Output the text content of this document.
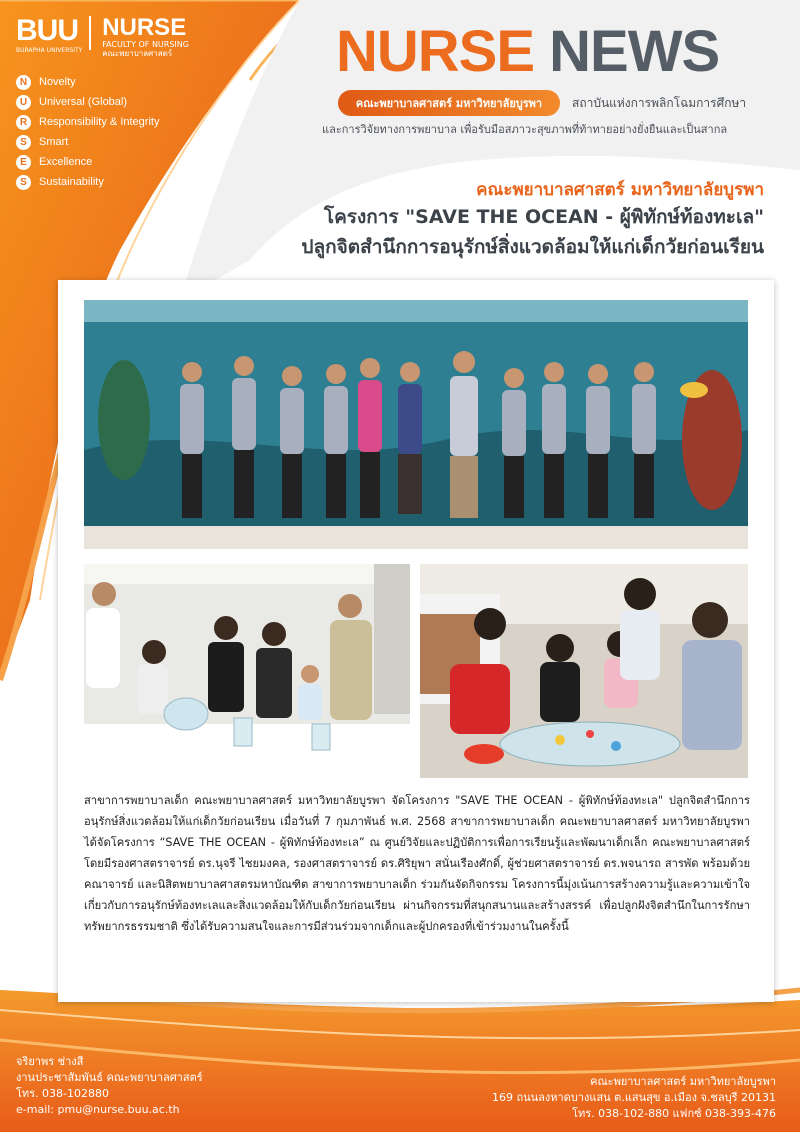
BUU NURSE
FACULTY OF NURSING
คณะพยาบาลศาสตร์
BURAPHA UNIVERSITY
N	Novelty
U	Universal (Global)
R	Responsibility & Integrity
S	Smart
E	Excellence
S	Sustainability
NURSE NEWS
คณะพยาบาลศาสตร์ มหาวิทยาลัยบูรพา	สถาบันแห่งการพลิกโฉมการศึกษา
และการวิจัยทางการพยาบาล เพื่อรับมือสภาวะสุขภาพที่ท้าทายอย่างยั่งยืนและเป็นสากล
คณะพยาบาลศาสตร์ มหาวิทยาลัยบูรพา
โครงการ "SAVE THE OCEAN - ผู้พิทักษ์ท้องทะเล"
ปลูกจิตสำนึกการอนุรักษ์สิ่งแวดล้อมให้แก่เด็กวัยก่อนเรียน
สาขาการพยาบาลเด็ก คณะพยาบาลศาสตร์ มหาวิทยาลัยบูรพา จัดโครงการ "SAVE THE OCEAN - ผู้พิทักษ์ท้องทะเล" ปลูกจิตสำนึกการอนุรักษ์สิ่งแวดล้อมให้แก่เด็กวัยก่อนเรียน เมื่อวันที่ 7 กุมภาพันธ์ พ.ศ. 2568 สาขาการพยาบาลเด็ก คณะพยาบาลศาสตร์ มหาวิทยาลัยบูรพา ได้จัดโครงการ “SAVE THE OCEAN - ผู้พิทักษ์ท้องทะเล” ณ ศูนย์วิจัยและปฏิบัติการเพื่อการเรียนรู้และพัฒนาเด็กเล็ก คณะพยาบาลศาสตร์ โดยมีรองศาสตราจารย์ ดร.นุจรี ไชยมงคล, รองศาสตราจารย์ ดร.ศิริยุพา สนั่นเรืองศักดิ์, ผู้ช่วยศาสตราจารย์ ดร.พจนารถ สารพัด พร้อมด้วยคณาจารย์ และนิสิตพยาบาลศาสตรมหาบัณฑิต สาขาการพยาบาลเด็ก ร่วมกันจัดกิจกรรม โครงการนี้มุ่งเน้นการสร้างความรู้และความเข้าใจเกี่ยวกับการอนุรักษ์ท้องทะเลและสิ่งแวดล้อมให้กับเด็กวัยก่อนเรียน ผ่านกิจกรรมที่สนุกสนานและสร้างสรรค์ เพื่อปลูกฝังจิตสำนึกในการรักษาทรัพยากรธรรมชาติ ซึ่งได้รับความสนใจและการมีส่วนร่วมจากเด็กและผู้ปกครองที่เข้าร่วมงานในครั้งนี้
จริยาพร ช่างสี
งานประชาสัมพันธ์ คณะพยาบาลศาสตร์
โทร. 038-102880
e-mail: pmu@nurse.buu.ac.th
คณะพยาบาลศาสตร์ มหาวิทยาลัยบูรพา
169 ถนนลงหาดบางแสน ต.แสนสุข อ.เมือง จ.ชลบุรี 20131
โทร. 038-102-880 แฟกซ์ 038-393-476
